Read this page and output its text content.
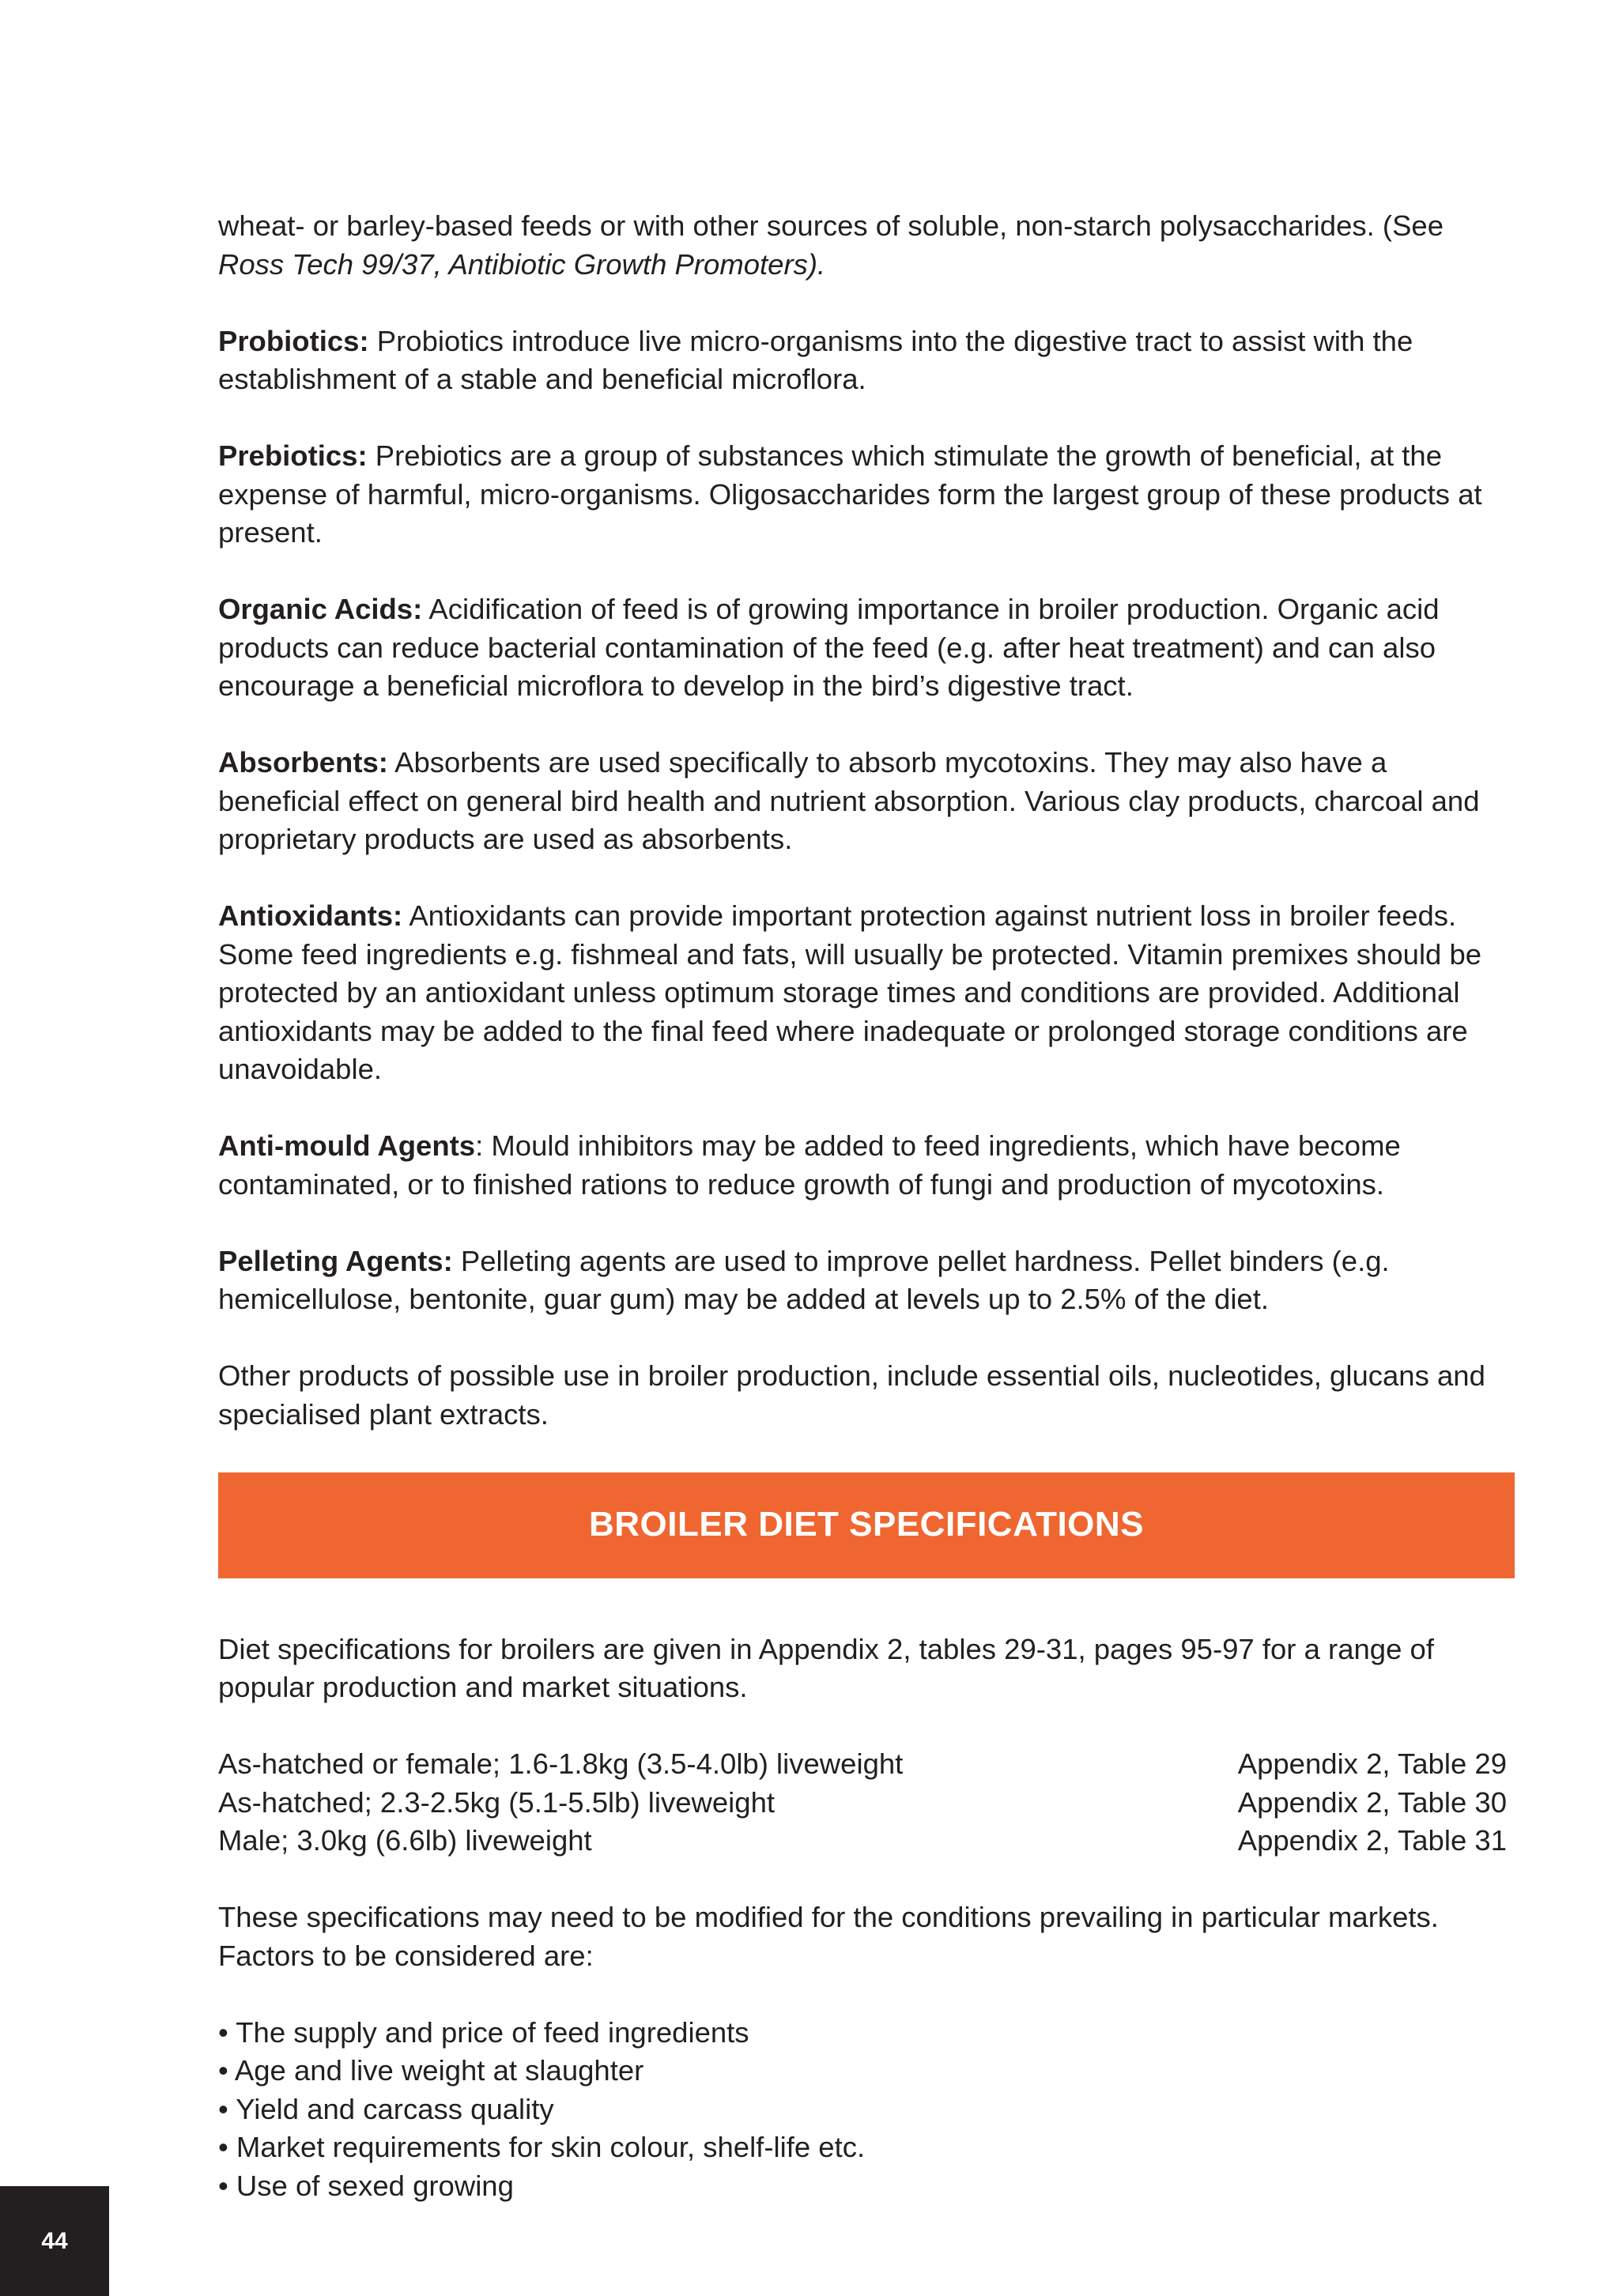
wheat- or barley-based feeds or with other sources of soluble, non-starch polysaccharides. (See Ross Tech 99/37, Antibiotic Growth Promoters).

Probiotics: Probiotics introduce live micro-organisms into the digestive tract to assist with the establishment of a stable and beneficial microflora.

Prebiotics: Prebiotics are a group of substances which stimulate the growth of beneficial, at the expense of harmful, micro-organisms. Oligosaccharides form the largest group of these products at present.

Organic Acids: Acidification of feed is of growing importance in broiler production. Organic acid products can reduce bacterial contamination of the feed (e.g. after heat treatment) and can also encourage a beneficial microflora to develop in the bird’s digestive tract.

Absorbents: Absorbents are used specifically to absorb mycotoxins. They may also have a beneficial effect on general bird health and nutrient absorption. Various clay products, charcoal and proprietary products are used as absorbents.

Antioxidants: Antioxidants can provide important protection against nutrient loss in broiler feeds. Some feed ingredients e.g. fishmeal and fats, will usually be protected. Vitamin premixes should be protected by an antioxidant unless optimum storage times and conditions are provided. Additional antioxidants may be added to the final feed where inadequate or prolonged storage conditions are unavoidable.

Anti-mould Agents: Mould inhibitors may be added to feed ingredients, which have become contaminated, or to finished rations to reduce growth of fungi and production of mycotoxins.

Pelleting Agents: Pelleting agents are used to improve pellet hardness. Pellet binders (e.g. hemicellulose, bentonite, guar gum) may be added at levels up to 2.5% of the diet.

Other products of possible use in broiler production, include essential oils, nucleotides, glucans and specialised plant extracts.

BROILER DIET SPECIFICATIONS

Diet specifications for broilers are given in Appendix 2, tables 29-31, pages 95-97 for a range of popular production and market situations.

As-hatched or female; 1.6-1.8kg (3.5-4.0lb) liveweight	Appendix 2, Table 29
As-hatched; 2.3-2.5kg (5.1-5.5lb) liveweight	Appendix 2, Table 30
Male; 3.0kg (6.6lb) liveweight	Appendix 2, Table 31

These specifications may need to be modified for the conditions prevailing in particular markets. Factors to be considered are:

• The supply and price of feed ingredients
• Age and live weight at slaughter
• Yield and carcass quality
• Market requirements for skin colour, shelf-life etc.
• Use of sexed growing
44
